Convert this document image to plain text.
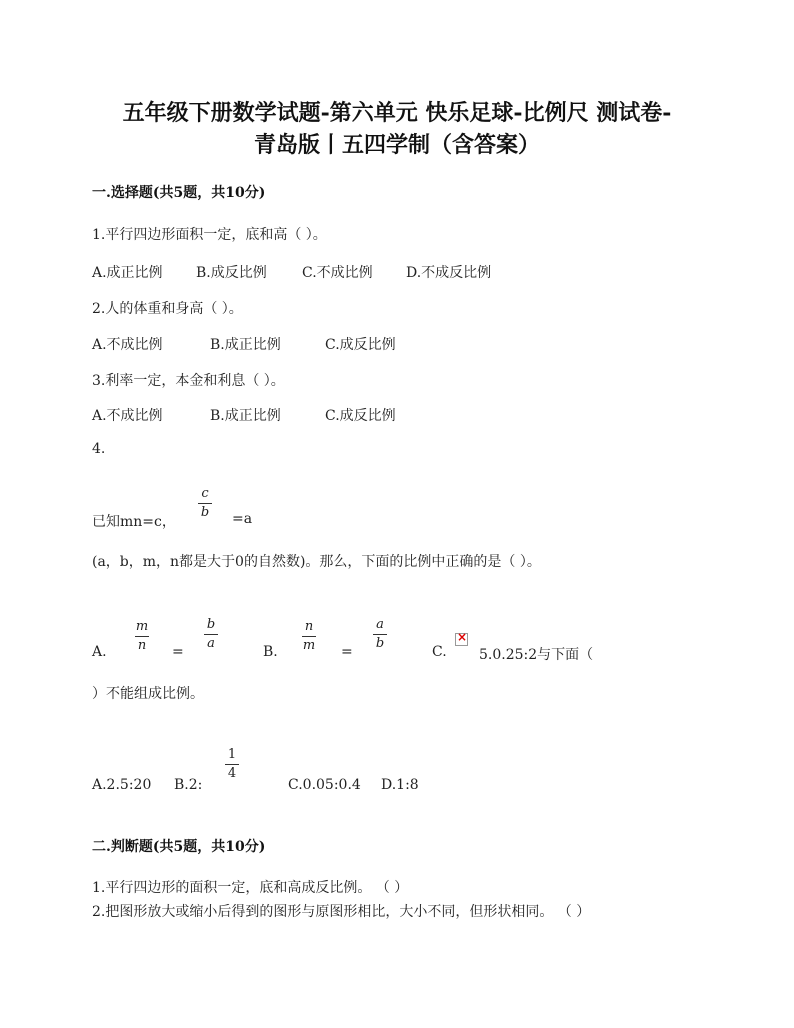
五年级下册数学试题-第六单元 快乐足球-比例尺 测试卷-
青岛版丨五四学制（含答案）
一.选择题(共5题，共10分)
1.平行四边形面积一定，底和高（ ）。
A.成正比例 B.成反比例	C.不成比例 D.不成反比例
2.人的体重和身高（ ）。
A.不成比例	B.成正比例	C.成反比例
3.利率一定，本金和利息（ ）。
A.不成比例	B.成正比例	C.成反比例
4.
c
b
已知mn=c，	=a
(a，b，m，n都是大于0的自然数)。那么，下面的比例中正确的是（ ）。
m
n
b
a
n
m
a
b
A.	=	B.	=	C.
× 5.0.25:2与下面（
）不能组成比例。
1
4
A.2.5:20 B.2:	C.0.05:0.4 D.1:8
二.判断题(共5题，共10分)
1.平行四边形的面积一定，底和高成反比例。 （ ）
2.把图形放大或缩小后得到的图形与原图形相比，大小不同，但形状相同。 （ ）
